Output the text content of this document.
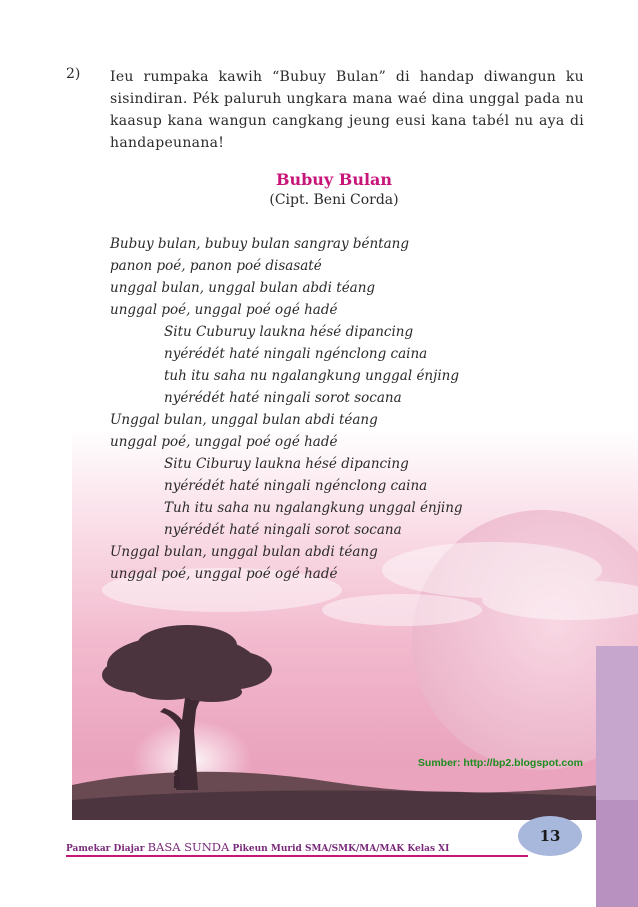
2) Ieu rumpaka kawih “Bubuy Bulan” di handap diwangun ku sisindiran. Pék paluruh ungkara mana waé dina unggal pada nu kaasup kana wangun cangkang jeung eusi kana tabél nu aya di handapeunana!
Bubuy Bulan
(Cipt. Beni Corda)
Bubuy bulan, bubuy bulan sangray béntang
panon poé, panon poé disasaté
unggal bulan, unggal bulan abdi téang
unggal poé, unggal poé ogé hadé
Situ Cuburuy laukna hésé dipancing
nyérédét haté ningali ngénclong caina
tuh itu saha nu ngalangkung unggal énjing
nyérédét haté ningali sorot socana
Unggal bulan, unggal bulan abdi téang
unggal poé, unggal poé ogé hadé
Situ Ciburuy laukna hésé dipancing
nyérédét haté ningali ngénclong caina
Tuh itu saha nu ngalangkung unggal énjing
nyérédét haté ningali sorot socana
Unggal bulan, unggal bulan abdi téang
unggal poé, unggal poé ogé hadé
Sumber: http://bp2.blogspot.com
Pamekar Diajar BASA SUNDA Pikeun Murid SMA/SMK/MA/MAK Kelas XI
13
